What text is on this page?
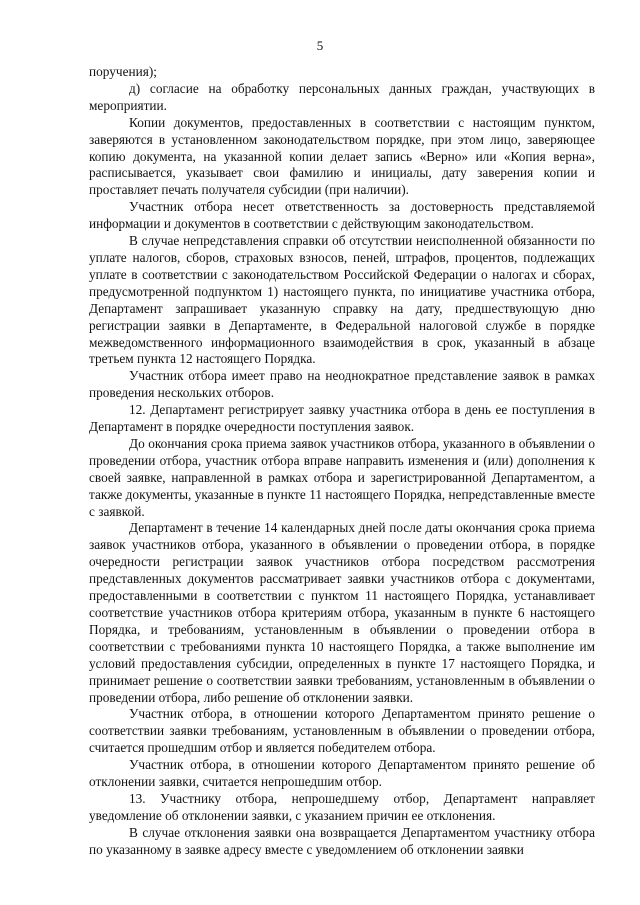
5

поручения);

д) согласие на обработку персональных данных граждан, участвующих в мероприятии.

Копии документов, предоставленных в соответствии с настоящим пунктом, заверяются в установленном законодательством порядке, при этом лицо, заверяющее копию документа, на указанной копии делает запись «Верно» или «Копия верна», расписывается, указывает свои фамилию и инициалы, дату заверения копии и проставляет печать получателя субсидии (при наличии).

Участник отбора несет ответственность за достоверность представляемой информации и документов в соответствии с действующим законодательством.

В случае непредставления справки об отсутствии неисполненной обязанности по уплате налогов, сборов, страховых взносов, пеней, штрафов, процентов, подлежащих уплате в соответствии с законодательством Российской Федерации о налогах и сборах, предусмотренной подпунктом 1) настоящего пункта, по инициативе участника отбора, Департамент запрашивает указанную справку на дату, предшествующую дню регистрации заявки в Департаменте, в Федеральной налоговой службе в порядке межведомственного информационного взаимодействия в срок, указанный в абзаце третьем пункта 12 настоящего Порядка.

Участник отбора имеет право на неоднократное представление заявок в рамках проведения нескольких отборов.

12. Департамент регистрирует заявку участника отбора в день ее поступления в Департамент в порядке очередности поступления заявок.

До окончания срока приема заявок участников отбора, указанного в объявлении о проведении отбора, участник отбора вправе направить изменения и (или) дополнения к своей заявке, направленной в рамках отбора и зарегистрированной Департаментом, а также документы, указанные в пункте 11 настоящего Порядка, непредставленные вместе с заявкой.

Департамент в течение 14 календарных дней после даты окончания срока приема заявок участников отбора, указанного в объявлении о проведении отбора, в порядке очередности регистрации заявок участников отбора посредством рассмотрения представленных документов рассматривает заявки участников отбора с документами, предоставленными в соответствии с пунктом 11 настоящего Порядка, устанавливает соответствие участников отбора критериям отбора, указанным в пункте 6 настоящего Порядка, и требованиям, установленным в объявлении о проведении отбора в соответствии с требованиями пункта 10 настоящего Порядка, а также выполнение им условий предоставления субсидии, определенных в пункте 17 настоящего Порядка, и принимает решение о соответствии заявки требованиям, установленным в объявлении о проведении отбора, либо решение об отклонении заявки.

Участник отбора, в отношении которого Департаментом принято решение о соответствии заявки требованиям, установленным в объявлении о проведении отбора, считается прошедшим отбор и является победителем отбора.

Участник отбора, в отношении которого Департаментом принято решение об отклонении заявки, считается непрошедшим отбор.

13. Участнику отбора, непрошедшему отбор, Департамент направляет уведомление об отклонении заявки, с указанием причин ее отклонения.

В случае отклонения заявки она возвращается Департаментом участнику отбора по указанному в заявке адресу вместе с уведомлением об отклонении заявки
